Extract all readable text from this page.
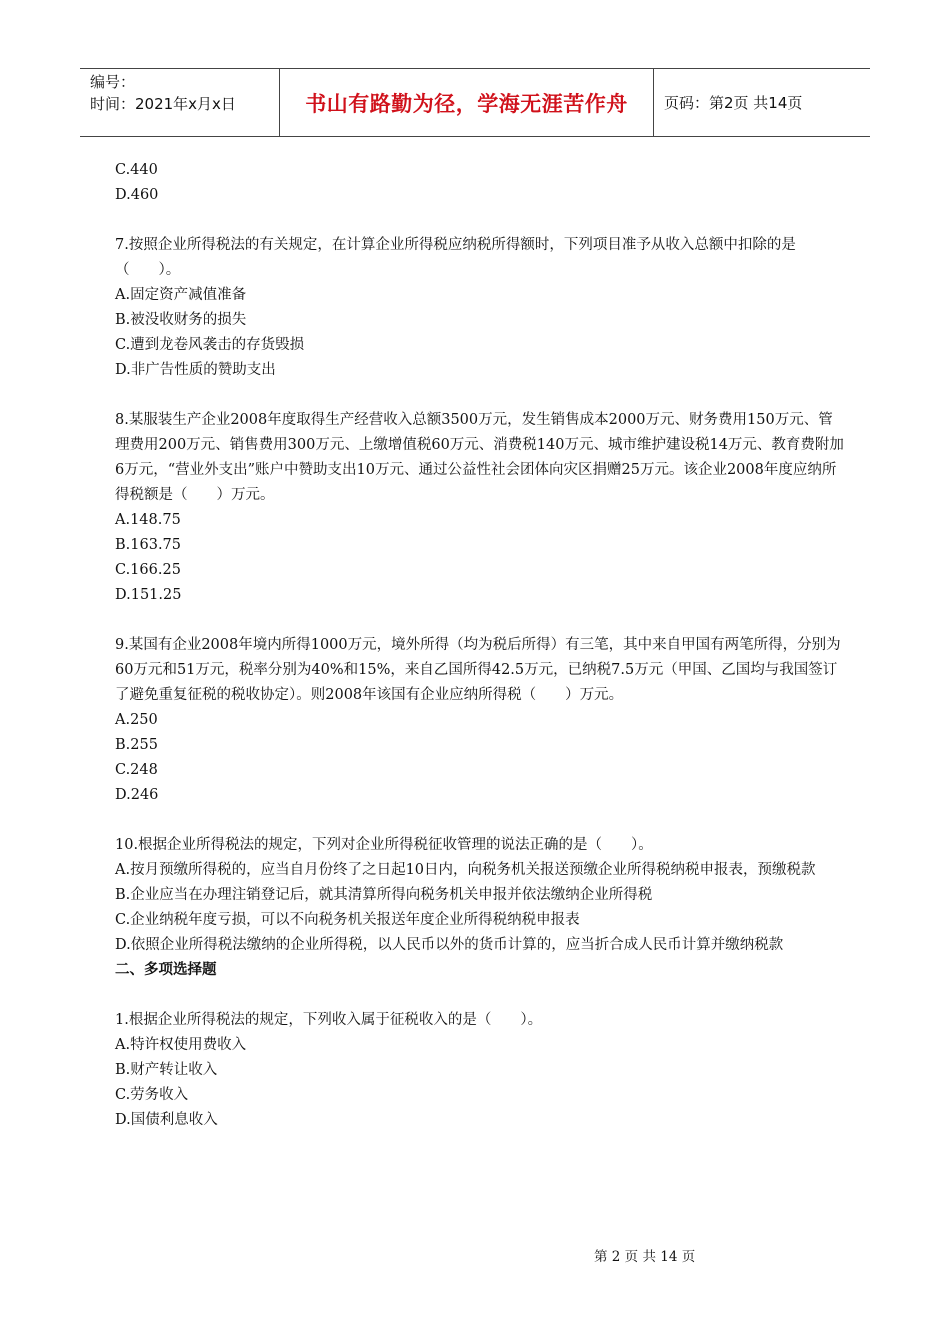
编号：
时间：2021年x月x日	书山有路勤为径，学海无涯苦作舟 页码：第2页 共14页
C.440
D.460
7.按照企业所得税法的有关规定，在计算企业所得税应纳税所得额时，下列项目准予从收入总额中扣除的是（　　）。
A.固定资产减值准备
B.被没收财务的损失
C.遭到龙卷风袭击的存货毁损
D.非广告性质的赞助支出
8.某服装生产企业2008年度取得生产经营收入总额3500万元，发生销售成本2000万元、财务费用150万元、管理费用200万元、销售费用300万元、上缴增值税60万元、消费税140万元、城市维护建设税14万元、教育费附加6万元，“营业外支出”账户中赞助支出10万元、通过公益性社会团体向灾区捐赠25万元。该企业2008年度应纳所得税额是（　　）万元。
A.148.75
B.163.75
C.166.25
D.151.25
9.某国有企业2008年境内所得1000万元，境外所得（均为税后所得）有三笔，其中来自甲国有两笔所得，分别为60万元和51万元，税率分别为40%和15%，来自乙国所得42.5万元，已纳税7.5万元（甲国、乙国均与我国签订了避免重复征税的税收协定）。则2008年该国有企业应纳所得税（　　）万元。
A.250
B.255
C.248
D.246
10.根据企业所得税法的规定，下列对企业所得税征收管理的说法正确的是（　　）。
A.按月预缴所得税的，应当自月份终了之日起10日内，向税务机关报送预缴企业所得税纳税申报表，预缴税款
B.企业应当在办理注销登记后，就其清算所得向税务机关申报并依法缴纳企业所得税
C.企业纳税年度亏损，可以不向税务机关报送年度企业所得税纳税申报表
D.依照企业所得税法缴纳的企业所得税，以人民币以外的货币计算的，应当折合成人民币计算并缴纳税款
二、多项选择题
1.根据企业所得税法的规定，下列收入属于征税收入的是（　　）。
A.特许权使用费收入
B.财产转让收入
C.劳务收入
D.国债利息收入
第 2 页 共 14 页
